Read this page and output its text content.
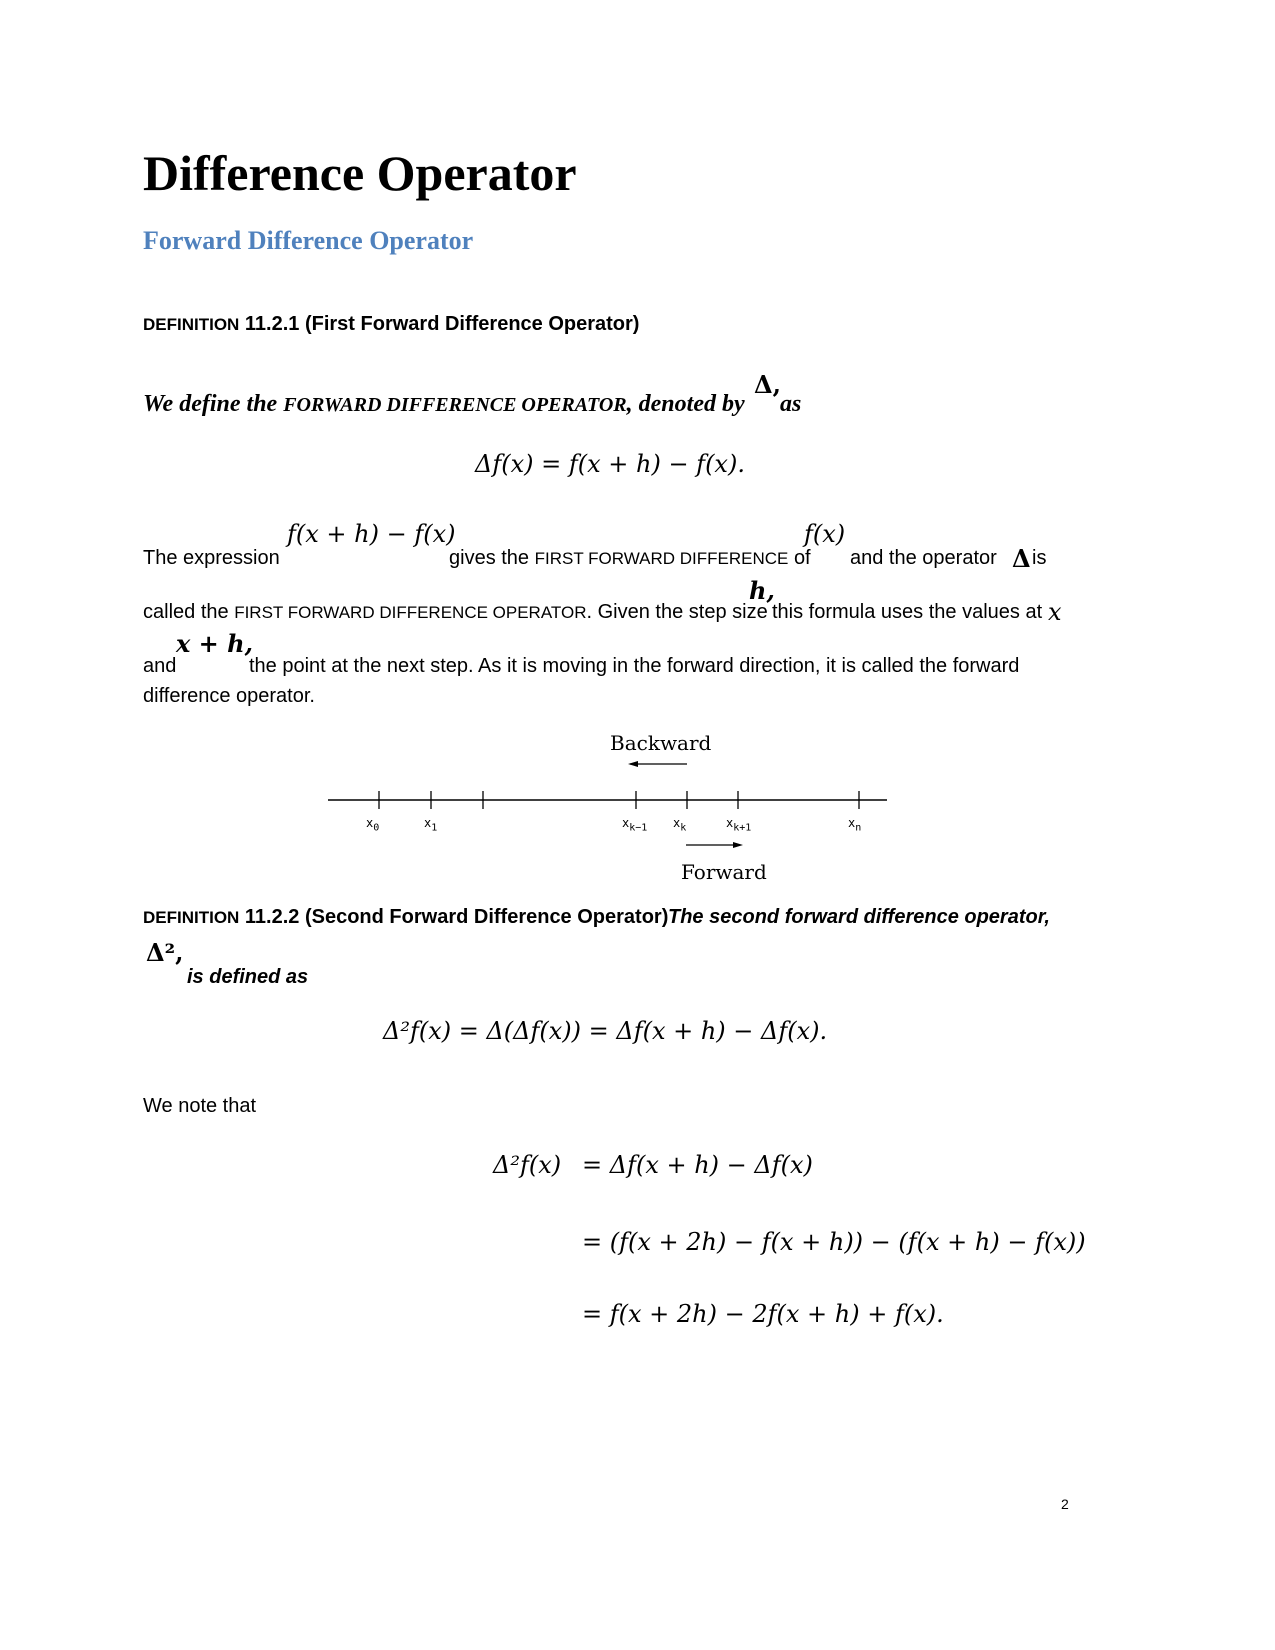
Difference Operator
Forward Difference Operator
DEFINITION 11.2.1 (First Forward Difference Operator)
We define the FORWARD DIFFERENCE OPERATOR, denoted by
Δ,
as
Δf(x) = f(x + h) − f(x).
The expression
f(x + h) − f(x)
gives the FIRST FORWARD DIFFERENCE of
f(x)
and the operator Δ is
called the FIRST FORWARD DIFFERENCE OPERATOR. Given the step size
h,
this formula uses the values at x
and
x + h,
the point at the next step. As it is moving in the forward direction, it is called the forward
difference operator.
Backward
Forward
$x_0$	$x_1$	$x_{k-1}$ $x_k$	$x_{k+1}$	$x_n$
DEFINITION 11.2.2 (Second Forward Difference Operator) The second forward difference operator,
Δ²,
is defined as
Δ²f(x) = Δ(Δf(x)) = Δf(x + h) − Δf(x).
We note that
Δ²f(x) = Δf(x + h) − Δf(x)
= (f(x + 2h) − f(x + h)) − (f(x + h) − f(x))
= f(x + 2h) − 2f(x + h) + f(x).
2
